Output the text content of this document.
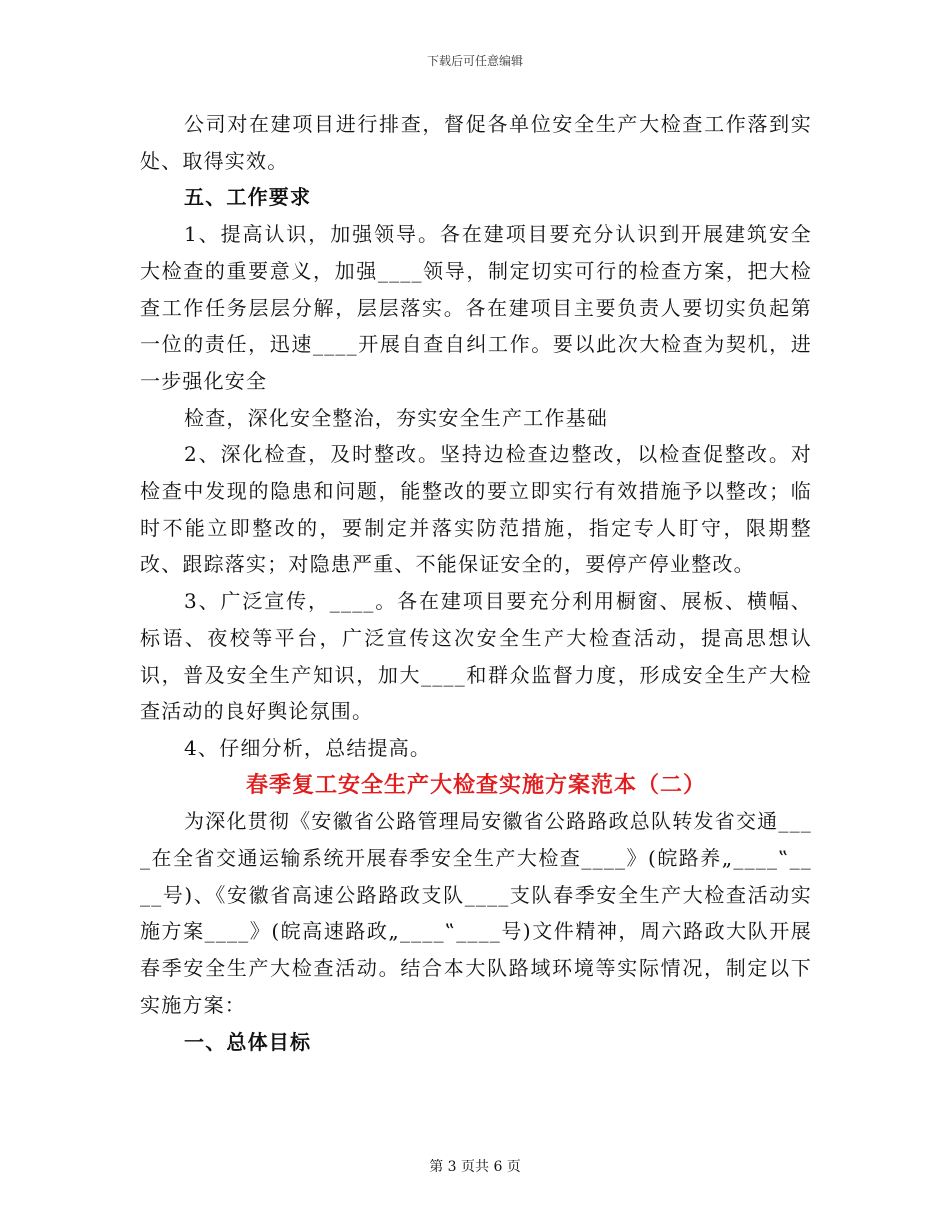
下载后可任意编辑

公司对在建项目进行排查，督促各单位安全生产大检查工作落到实处、取得实效。

五、工作要求

1、提高认识，加强领导。各在建项目要充分认识到开展建筑安全大检查的重要意义，加强____领导，制定切实可行的检查方案，把大检查工作任务层层分解，层层落实。各在建项目主要负责人要切实负起第一位的责任，迅速____开展自查自纠工作。要以此次大检查为契机，进一步强化安全

检查，深化安全整治，夯实安全生产工作基础

2、深化检查，及时整改。坚持边检查边整改，以检查促整改。对检查中发现的隐患和问题，能整改的要立即实行有效措施予以整改；临时不能立即整改的，要制定并落实防范措施，指定专人盯守，限期整改、跟踪落实；对隐患严重、不能保证安全的，要停产停业整改。

3、广泛宣传，____。各在建项目要充分利用橱窗、展板、横幅、标语、夜校等平台，广泛宣传这次安全生产大检查活动，提高思想认识，普及安全生产知识，加大____和群众监督力度，形成安全生产大检查活动的良好舆论氛围。

4、仔细分析，总结提高。

春季复工安全生产大检查实施方案范本（二）

为深化贯彻《安徽省公路管理局安徽省公路路政总队转发省交通____在全省交通运输系统开展春季安全生产大检查____》(皖路养„____‟____号)、《安徽省高速公路路政支队____支队春季安全生产大检查活动实施方案____》(皖高速路政„____‟____号)文件精神，周六路政大队开展春季安全生产大检查活动。结合本大队路域环境等实际情况，制定以下实施方案：

一、总体目标

第 3 页共 6 页
